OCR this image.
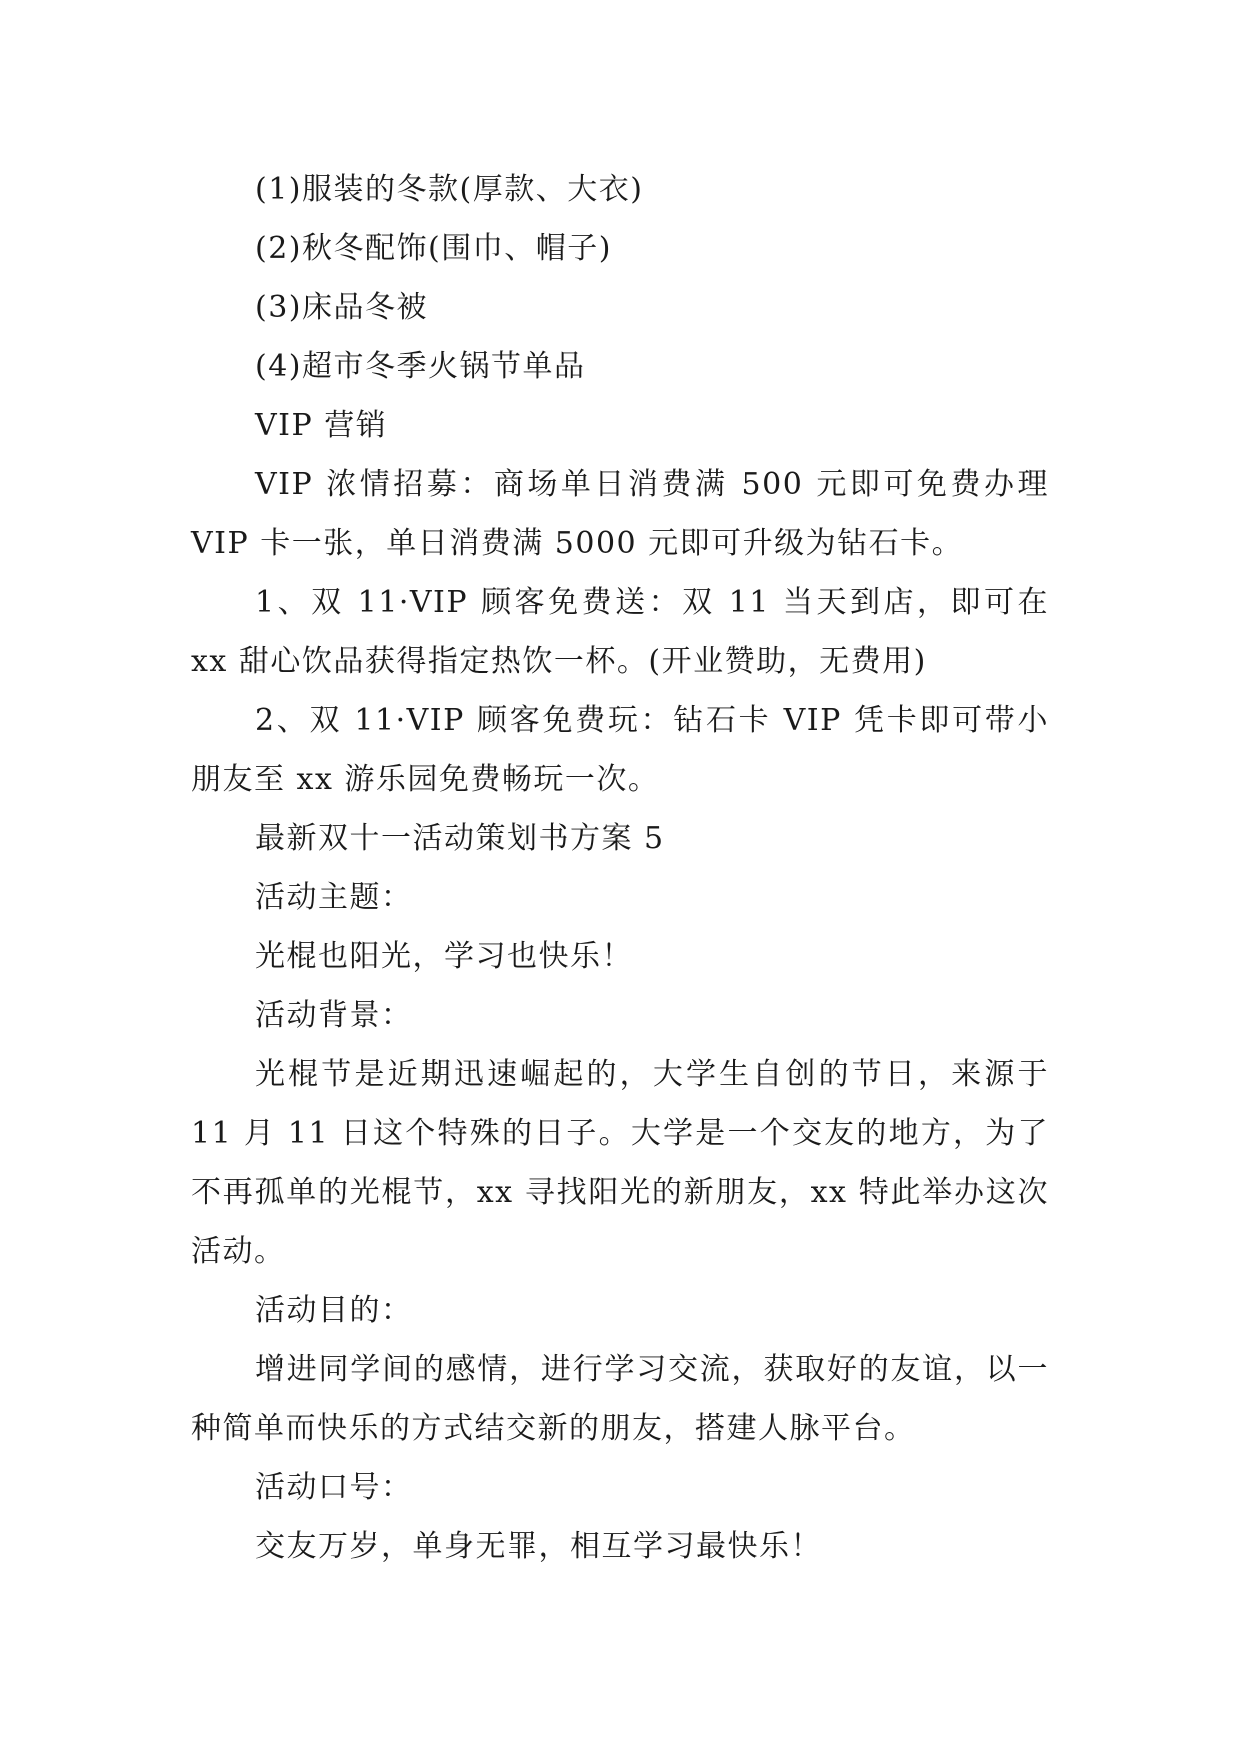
(1)服装的冬款(厚款、大衣)

(2)秋冬配饰(围巾、帽子)

(3)床品冬被

(4)超市冬季火锅节单品

VIP 营销

VIP 浓情招募：商场单日消费满 500 元即可免费办理 VIP 卡一张，单日消费满 5000 元即可升级为钻石卡。

1、双 11·VIP 顾客免费送：双 11 当天到店，即可在 xx 甜心饮品获得指定热饮一杯。(开业赞助，无费用)

2、双 11·VIP 顾客免费玩：钻石卡 VIP 凭卡即可带小朋友至 xx 游乐园免费畅玩一次。

最新双十一活动策划书方案 5

活动主题：

光棍也阳光，学习也快乐！

活动背景：

光棍节是近期迅速崛起的，大学生自创的节日，来源于 11 月 11 日这个特殊的日子。大学是一个交友的地方，为了不再孤单的光棍节，xx 寻找阳光的新朋友，xx 特此举办这次活动。

活动目的：

增进同学间的感情，进行学习交流，获取好的友谊，以一种简单而快乐的方式结交新的朋友，搭建人脉平台。

活动口号：

交友万岁，单身无罪，相互学习最快乐！
